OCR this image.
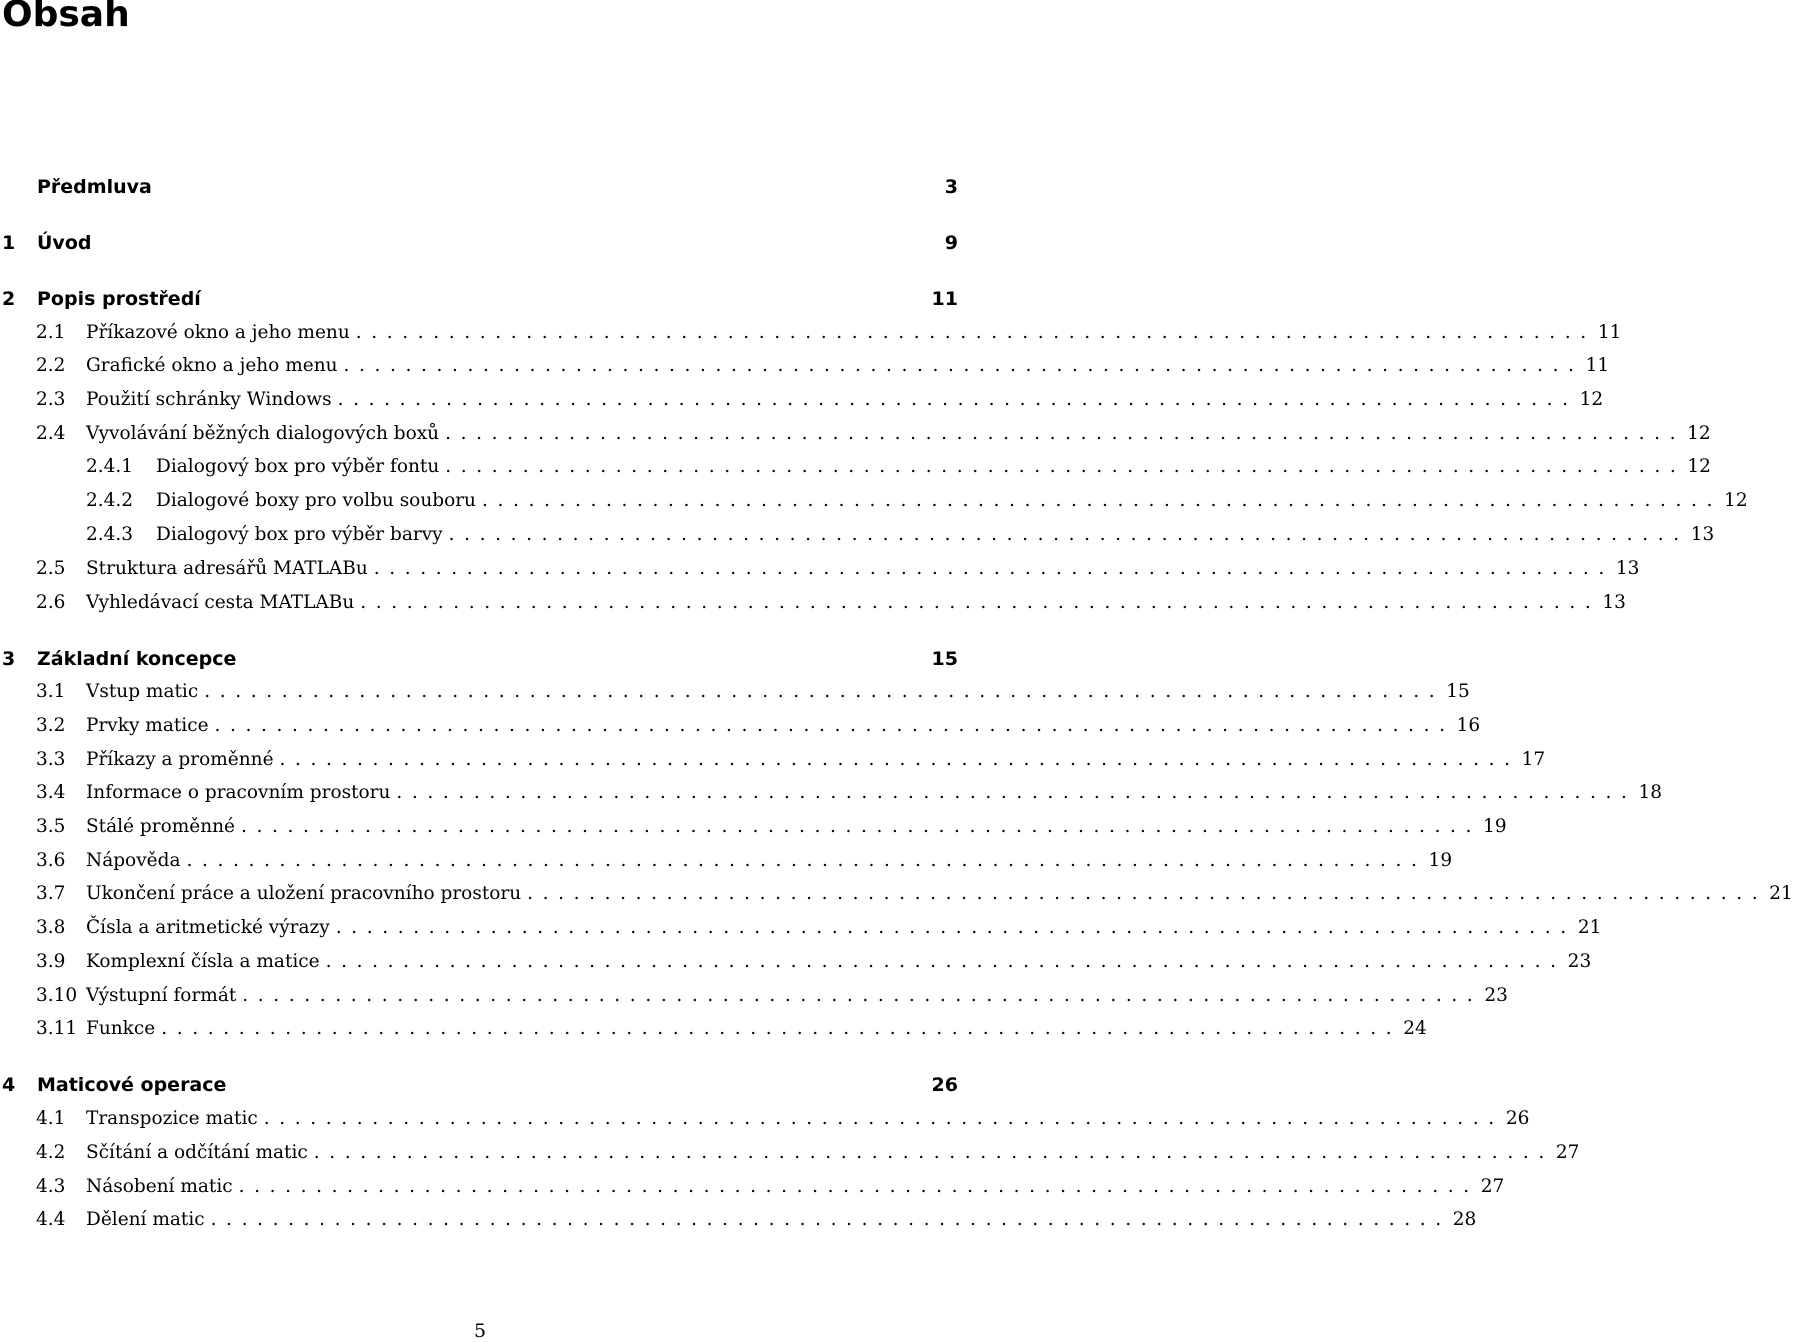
Obsah
Předmluva	3
1	Úvod	9
2	Popis prostředí	11
2.1	Příkazové okno a jeho menu ................................................................................ 11
2.2	Grafické okno a jeho menu ................................................................................ 11
2.3	Použití schránky Windows ................................................................................ 12
2.4	Vyvolávání běžných dialogových boxů ................................................................................ 12
2.4.1	Dialogový box pro výběr fontu ................................................................................ 12
2.4.2	Dialogové boxy pro volbu souboru ................................................................................ 12
2.4.3	Dialogový box pro výběr barvy ................................................................................ 13
2.5	Struktura adresářů MATLABu ................................................................................ 13
2.6	Vyhledávací cesta MATLABu ................................................................................ 13
3	Základní koncepce	15
3.1	Vstup matic ................................................................................ 15
3.2	Prvky matice ................................................................................ 16
3.3	Příkazy a proměnné ................................................................................ 17
3.4	Informace o pracovním prostoru ................................................................................ 18
3.5	Stálé proměnné ................................................................................ 19
3.6	Nápověda ................................................................................ 19
3.7	Ukončení práce a uložení pracovního prostoru ................................................................................ 21
3.8	Čísla a aritmetické výrazy ................................................................................ 21
3.9	Komplexní čísla a matice ................................................................................ 23
3.10 Výstupní formát ................................................................................ 23
3.11 Funkce ................................................................................ 24
4	Maticové operace	26
4.1	Transpozice matic ................................................................................ 26
4.2	Sčítání a odčítání matic ................................................................................ 27
4.3	Násobení matic ................................................................................ 27
4.4	Dělení matic ................................................................................ 28
5
